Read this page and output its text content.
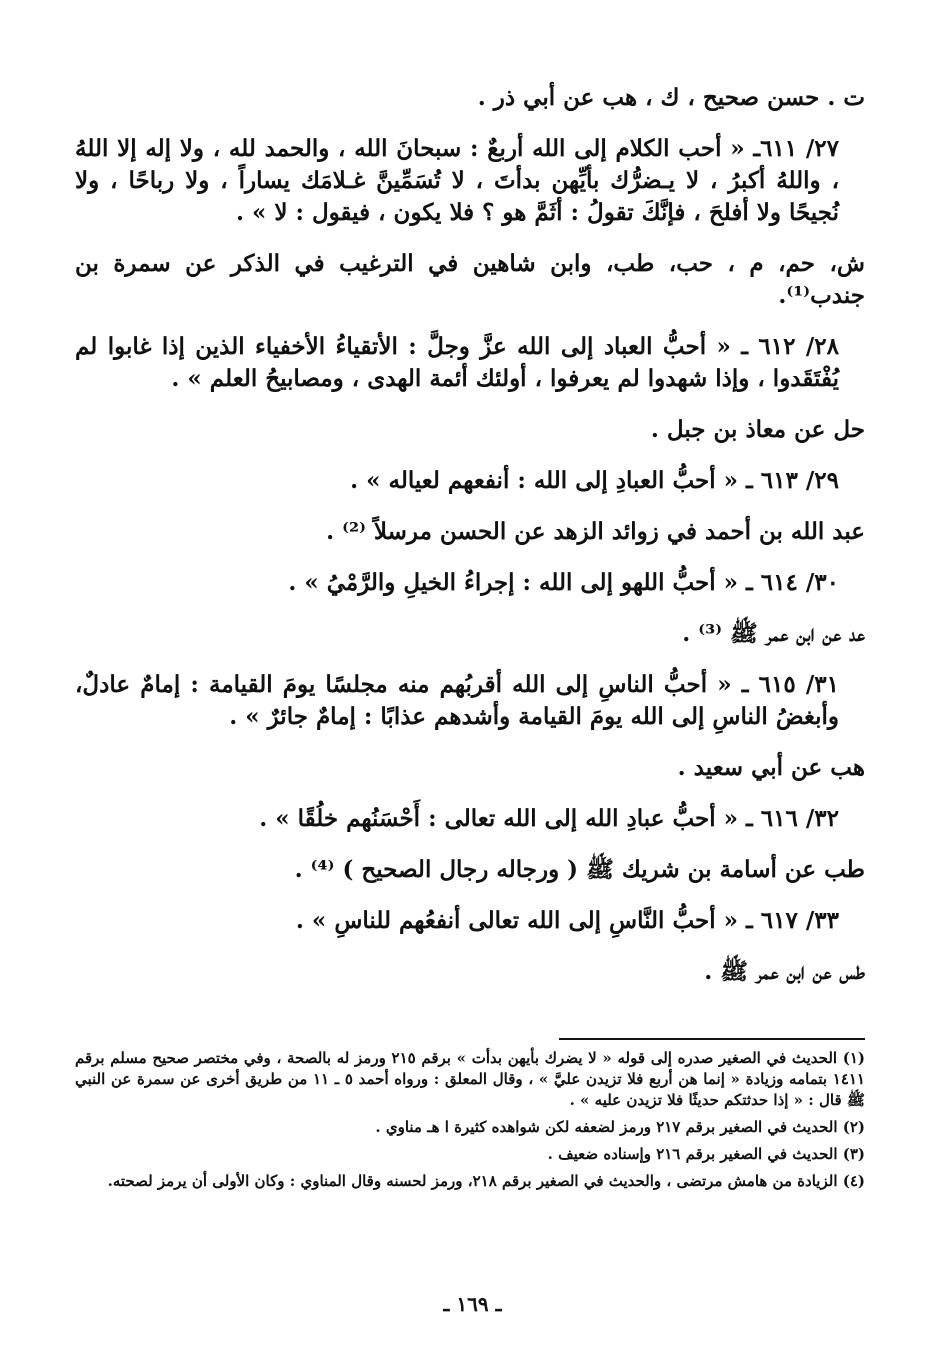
ت . حسن صحيح ، ك ، هب عن أبي ذر .

٢٧/ ٦١١ـ « أحب الكلام إلى الله أربعٌ : سبحانَ الله ، والحمد لله ، ولا إله إلا اللهُ ، واللهُ أكبرُ ، لا يـضرُّك بأيِّهن بدأتَ ، لا تُسَمِّينَّ غـلامَك يساراً ، ولا رباحًا ، ولا نُجيحًا ولا أفلحَ ، فإنَّكَ تقولُ : أثَمَّ هو ؟ فلا يكون ، فيقول : لا » .

ش، حم، م ، حب، طب، وابن شاهين في الترغيب في الذكر عن سمرة بن جندب⁽¹⁾.

٢٨/ ٦١٢ ـ « أحبُّ العباد إلى الله عزَّ وجلَّ : الأتقياءُ الأخفياء الذين إذا غابوا لم يُفْتَقَدوا ، وإذا شهدوا لم يعرفوا ، أولئك أئمة الهدى ، ومصابيحُ العلم » .

حل عن معاذ بن جبل .

٢٩/ ٦١٣ ـ « أحبُّ العبادِ إلى الله : أنفعهم لعياله » .

عبد الله بن أحمد في زوائد الزهد عن الحسن مرسلاً ⁽²⁾ .

٣٠/ ٦١٤ ـ « أحبُّ اللهو إلى الله : إجراءُ الخيلِ والرَّمْيُ » .

عد عن ابن عمر ﷺ ⁽³⁾ .

٣١/ ٦١٥ ـ « أحبُّ الناسِ إلى الله أقربُهم منه مجلسًا يومَ القيامة : إمامٌ عادلٌ، وأبغضُ الناسِ إلى الله يومَ القيامة وأشدهم عذابًا : إمامٌ جائرٌ » .

هب عن أبي سعيد .

٣٢/ ٦١٦ ـ « أحبُّ عبادِ الله إلى الله تعالى : أَحْسَنُهم خلُقًا » .

طب عن أسامة بن شريك ﷺ ( ورجاله رجال الصحيح ) ⁽⁴⁾ .

٣٣/ ٦١٧ ـ « أحبُّ النَّاسِ إلى الله تعالى أنفعُهم للناسِ » .

طس عن ابن عمر ﷺ .

(١) الحديث في الصغير صدره إلى قوله « لا يضرك بأيهن بدأت » برقم ٢١٥ ورمز له بالصحة ، وفي مختصر صحيح مسلم برقم ١٤١١ بتمامه وزيادة « إنما هن أربع فلا تزيدن عليَّ » ، وقال المعلق : ورواه أحمد ٥ ـ ١١ من طريق أخرى عن سمرة عن النبي ﷺ قال : « إذا حدثتكم حديثًا فلا تزيدن عليه » .

(٢) الحديث في الصغير برقم ٢١٧ ورمز لضعفه لكن شواهده كثيرة ا هـ مناوي .

(٣) الحديث في الصغير برقم ٢١٦ وإسناده ضعيف .

(٤) الزيادة من هامش مرتضى ، والحديث في الصغير برقم ٢١٨، ورمز لحسنه وقال المناوي : وكان الأولى أن يرمز لصحته.

ـ ١٦٩ ـ
